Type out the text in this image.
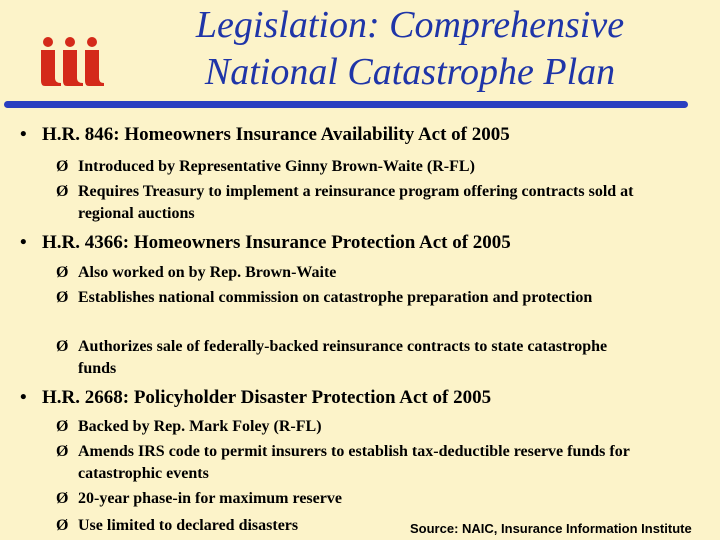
Legislation: Comprehensive
National Catastrophe Plan
• H.R. 846: Homeowners Insurance Availability Act of 2005
Ø Introduced by Representative Ginny Brown-Waite (R-FL)
Ø Requires Treasury to implement a reinsurance program offering contracts sold at regional auctions
• H.R. 4366: Homeowners Insurance Protection Act of 2005
Ø Also worked on by Rep. Brown-Waite
Ø Establishes national commission on catastrophe preparation and protection
Ø Authorizes sale of federally-backed reinsurance contracts to state catastrophe funds
• H.R. 2668: Policyholder Disaster Protection Act of 2005
Ø Backed by Rep. Mark Foley (R-FL)
Ø Amends IRS code to permit insurers to establish tax-deductible reserve funds for catastrophic events
Ø 20-year phase-in for maximum reserve
Ø Use limited to declared disasters	Source: NAIC, Insurance Information Institute
